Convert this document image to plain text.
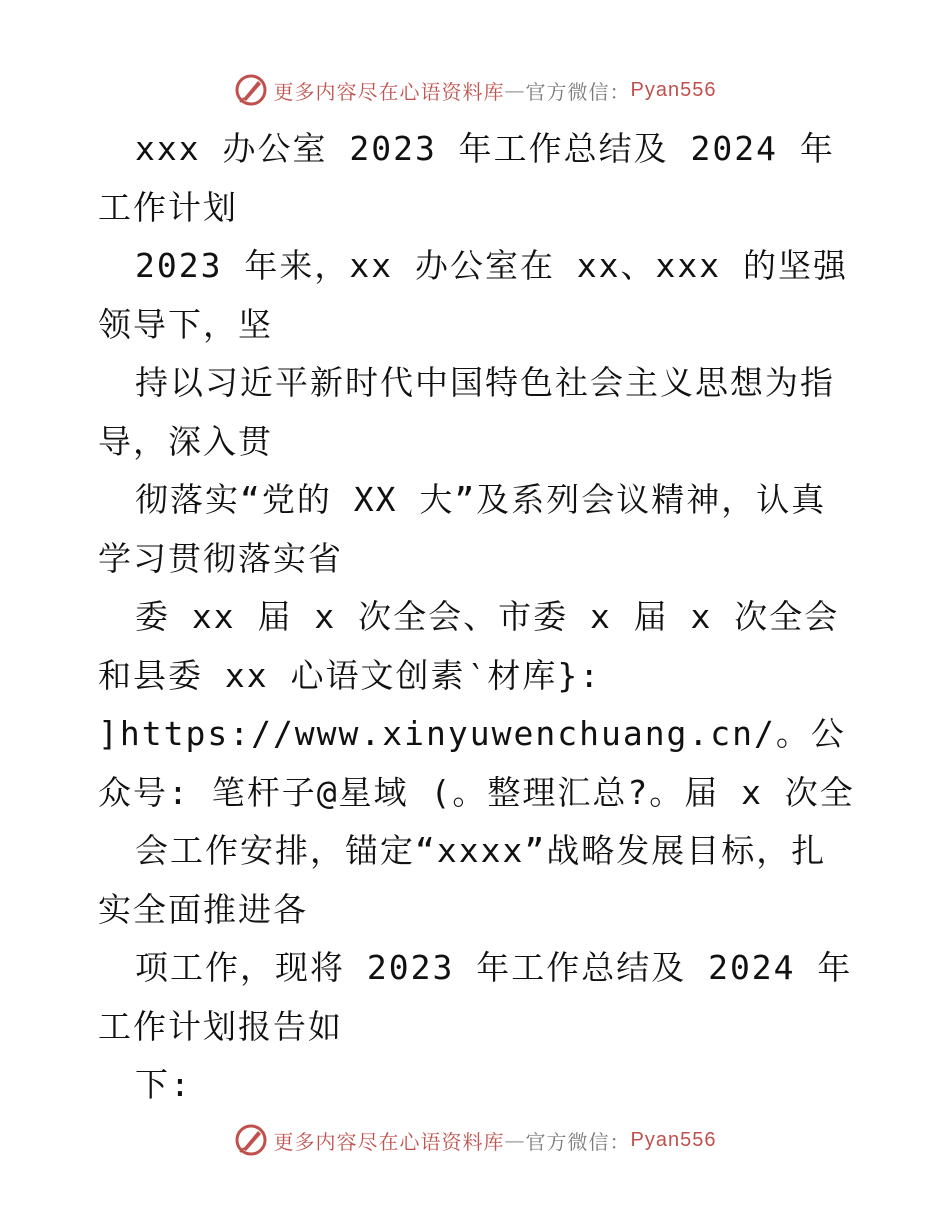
更多内容尽在心语资料库 — 官方微信： Pyan556

xxx 办公室 2023 年工作总结及 2024 年工作计划

2023 年来，xx 办公室在 xx、xxx 的坚强领导下，坚

持以习近平新时代中国特色社会主义思想为指导，深入贯

彻落实“党的 XX 大”及系列会议精神，认真学习贯彻落实省

委 xx 届 x 次全会、市委 x 届 x 次全会和县委 xx 心语文创素‵材库}: ]https://www.xinyuwenchuang.cn/。公众号: 笔杆子@星域 (。整理汇总?。届 x 次全

会工作安排，锚定“xxxx”战略发展目标，扎实全面推进各

项工作，现将 2023 年工作总结及 2024 年工作计划报告如

下:

更多内容尽在心语资料库 — 官方微信： Pyan556
